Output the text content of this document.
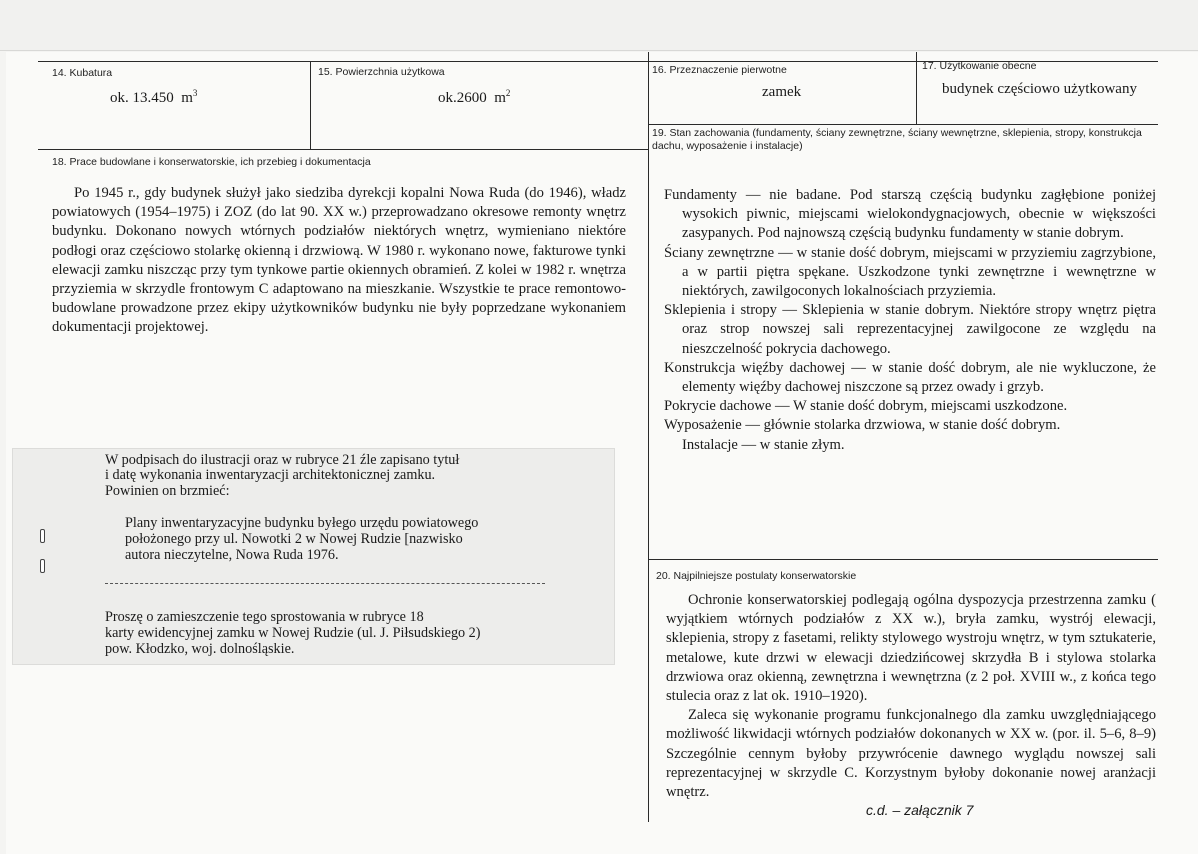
14. Kubatura
ok. 13.450 $m^3$
15. Powierzchnia użytkowa
ok.2600 $m^2$
16. Przeznaczenie pierwotne
zamek
17. Użytkowanie obecne
budynek częściowo użytkowany
18. Prace budowlane i konserwatorskie, ich przebieg i dokumentacja

Po 1945 r., gdy budynek służył jako siedziba dyrekcji kopalni Nowa Ruda (do 1946), władz powiatowych (1954–1975) i ZOZ (do lat 90. XX w.) przeprowadzano okresowe remonty wnętrz budynku. Dokonano nowych wtórnych podziałów niektórych wnętrz, wymieniano niektóre podłogi oraz częściowo stolarkę okienną i drzwiową. W 1980 r. wykonano nowe, fakturowe tynki elewacji zamku niszcząc przy tym tynkowe partie okiennych obramień. Z kolei w 1982 r. wnętrza przyziemia w skrzydle frontowym C adaptowano na mieszkanie. Wszystkie te prace remontowo-budowlane prowadzone przez ekipy użytkowników budynku nie były poprzedzane wykonaniem dokumentacji projektowej.

19. Stan zachowania (fundamenty, ściany zewnętrzne, ściany wewnętrzne, sklepienia, stropy, konstrukcja dachu, wyposażenie i instalacje)

Fundamenty — nie badane. Pod starszą częścią budynku zagłębione poniżej wysokich piwnic, miejscami wielokondygnacjowych, obecnie w większości zasypanych. Pod najnowszą częścią budynku fundamenty w stanie dobrym.

Ściany zewnętrzne — w stanie dość dobrym, miejscami w przyziemiu zagrzybione, a w partii piętra spękane. Uszkodzone tynki zewnętrzne i wewnętrzne w niektórych, zawilgoconych lokalnościach przyziemia.

Sklepienia i stropy — Sklepienia w stanie dobrym. Niektóre stropy wnętrz piętra oraz strop nowszej sali reprezentacyjnej zawilgocone ze względu na nieszczelność pokrycia dachowego.

Konstrukcja więźby dachowej — w stanie dość dobrym, ale nie wykluczone, że elementy więźby dachowej niszczone są przez owady i grzyb.

Pokrycie dachowe — W stanie dość dobrym, miejscami uszkodzone.

Wyposażenie — głównie stolarka drzwiowa, w stanie dość dobrym.

Instalacje — w stanie złym.

20. Najpilniejsze postulaty konserwatorskie

Ochronie konserwatorskiej podlegają ogólna dyspozycja przestrzenna zamku ( wyjątkiem wtórnych podziałów z XX w.), bryła zamku, wystrój elewacji, sklepienia, stropy z fasetami, relikty stylowego wystroju wnętrz, w tym sztukaterie, metalowe, kute drzwi w elewacji dziedzińcowej skrzydła B i stylowa stolarka drzwiowa oraz okienną, zewnętrzna i wewnętrzna (z 2 poł. XVIII w., z końca tego stulecia oraz z lat ok. 1910–1920).

Zaleca się wykonanie programu funkcjonalnego dla zamku uwzględniającego możliwość likwidacji wtórnych podziałów dokonanych w XX w. (por. il. 5–6, 8–9) Szczególnie cennym byłoby przywrócenie dawnego wyglądu nowszej sali reprezentacyjnej w skrzydle C. Korzystnym byłoby dokonanie nowej aranżacji wnętrz.

c.d. – załącznik 7
W podpisach do ilustracji oraz w rubryce 21 źle zapisano tytuł
i datę wykonania inwentaryzacji architektonicznej zamku.
Powinien on brzmieć:
Plany inwentaryzacyjne budynku byłego urzędu powiatowego
położonego przy ul. Nowotki 2 w Nowej Rudzie [nazwisko
autora nieczytelne, Nowa Ruda 1976.
Proszę o zamieszczenie tego sprostowania w rubryce 18
karty ewidencyjnej zamku w Nowej Rudzie (ul. J. Piłsudskiego 2)
pow. Kłodzko, woj. dolnośląskie.
